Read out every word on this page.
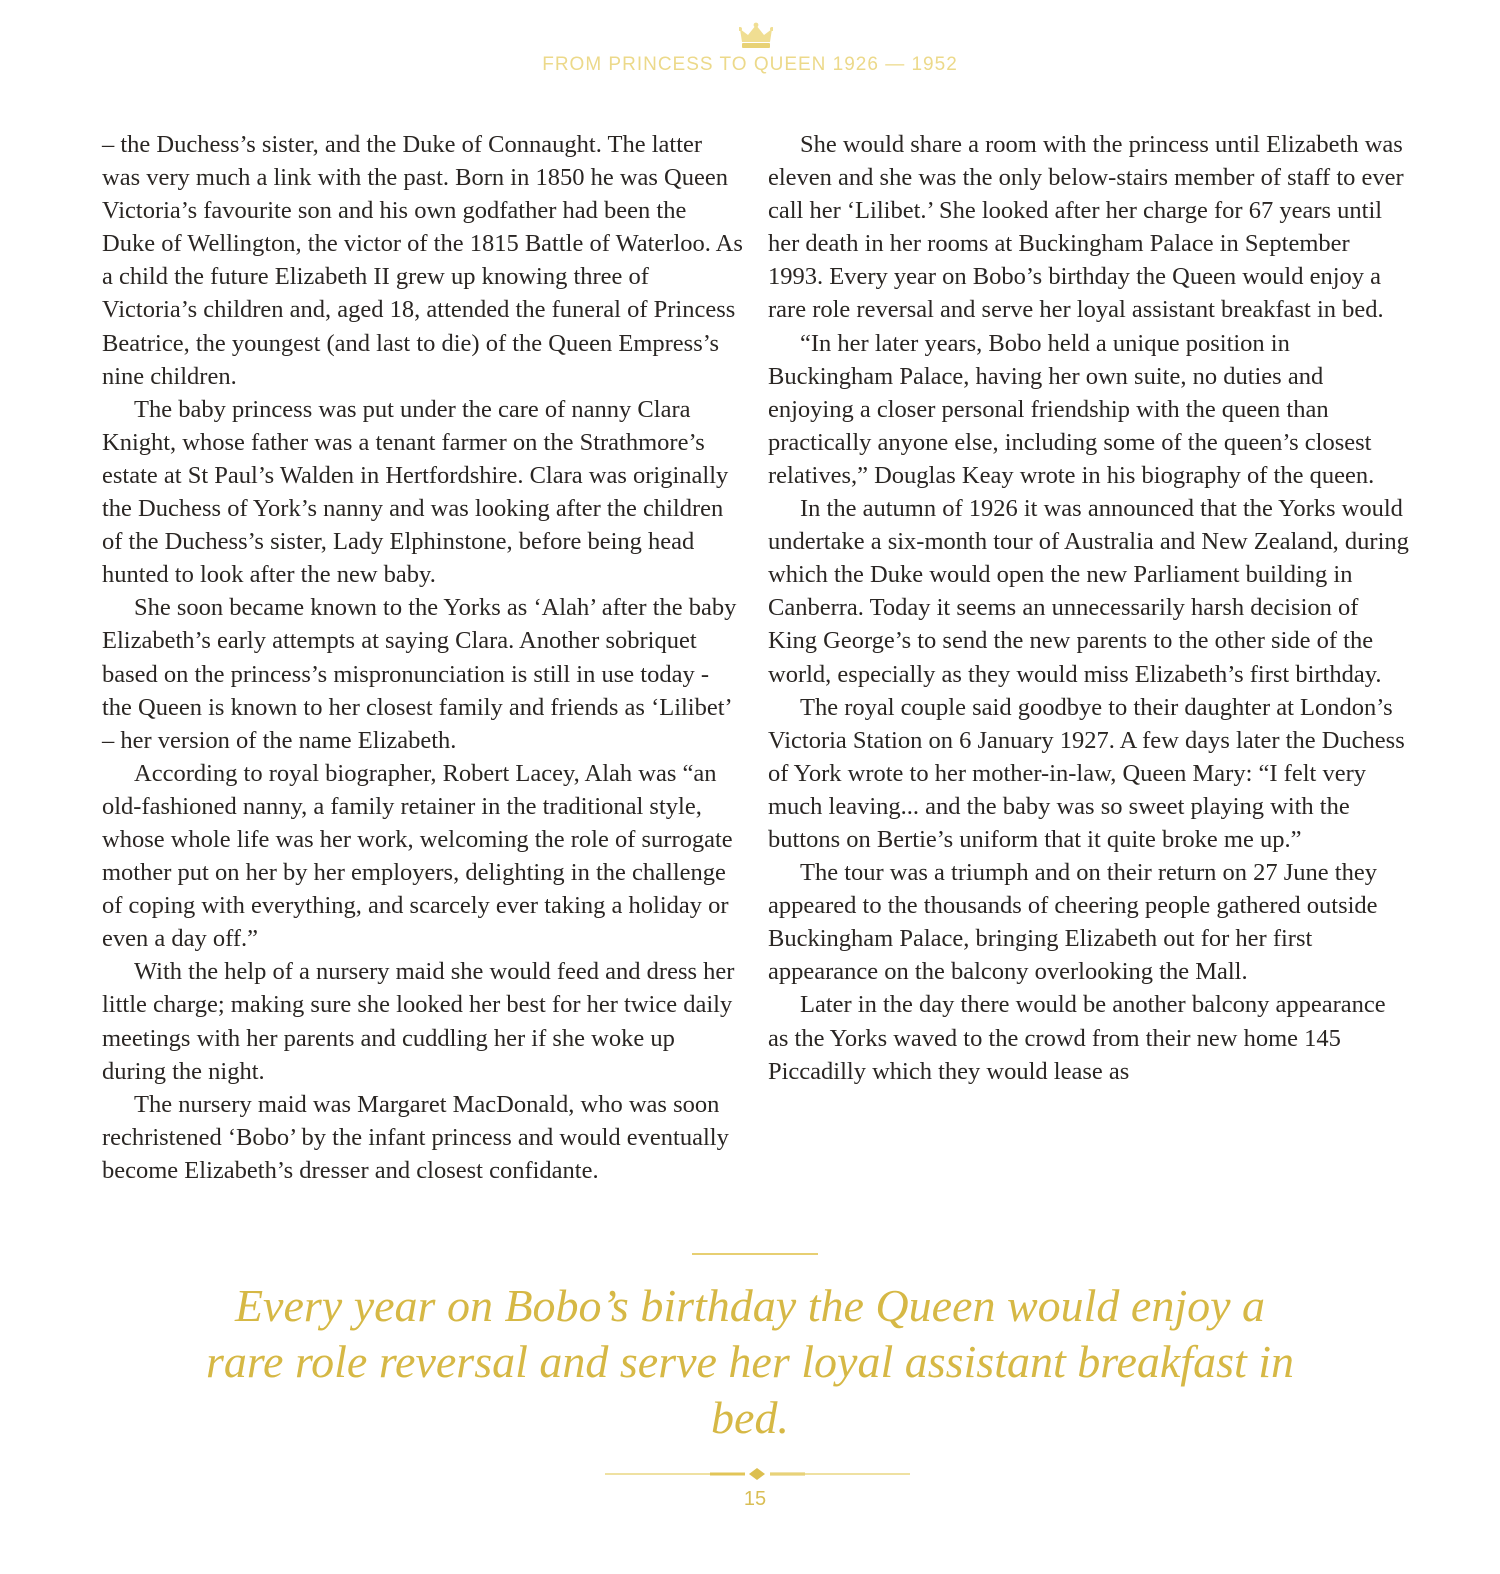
FROM PRINCESS TO QUEEN 1926 — 1952

– the Duchess’s sister, and the Duke of Connaught. The latter was very much a link with the past. Born in 1850 he was Queen Victoria’s favourite son and his own godfather had been the Duke of Wellington, the victor of the 1815 Battle of Waterloo. As a child the future Elizabeth II grew up knowing three of Victoria’s children and, aged 18, attended the funeral of Princess Beatrice, the youngest (and last to die) of the Queen Empress’s nine children.

The baby princess was put under the care of nanny Clara Knight, whose father was a tenant farmer on the Strathmore’s estate at St Paul’s Walden in Hertfordshire. Clara was originally the Duchess of York’s nanny and was looking after the children of the Duchess’s sister, Lady Elphinstone, before being head hunted to look after the new baby.

She soon became known to the Yorks as ‘Alah’ after the baby Elizabeth’s early attempts at saying Clara. Another sobriquet based on the princess’s mispronunciation is still in use today - the Queen is known to her closest family and friends as ‘Lilibet’ – her version of the name Elizabeth.

According to royal biographer, Robert Lacey, Alah was “an old-fashioned nanny, a family retainer in the traditional style, whose whole life was her work, welcoming the role of surrogate mother put on her by her employers, delighting in the challenge of coping with everything, and scarcely ever taking a holiday or even a day off.”

With the help of a nursery maid she would feed and dress her little charge; making sure she looked her best for her twice daily meetings with her parents and cuddling her if she woke up during the night.

The nursery maid was Margaret MacDonald, who was soon rechristened ‘Bobo’ by the infant princess and would eventually become Elizabeth’s dresser and closest confidante.

She would share a room with the princess until Elizabeth was eleven and she was the only below-stairs member of staff to ever call her ‘Lilibet.’ She looked after her charge for 67 years until her death in her rooms at Buckingham Palace in September 1993. Every year on Bobo’s birthday the Queen would enjoy a rare role reversal and serve her loyal assistant breakfast in bed.

“In her later years, Bobo held a unique position in Buckingham Palace, having her own suite, no duties and enjoying a closer personal friendship with the queen than practically anyone else, including some of the queen’s closest relatives,” Douglas Keay wrote in his biography of the queen.

In the autumn of 1926 it was announced that the Yorks would undertake a six-month tour of Australia and New Zealand, during which the Duke would open the new Parliament building in Canberra. Today it seems an unnecessarily harsh decision of King George’s to send the new parents to the other side of the world, especially as they would miss Elizabeth’s first birthday.

The royal couple said goodbye to their daughter at London’s Victoria Station on 6 January 1927. A few days later the Duchess of York wrote to her mother-in-law, Queen Mary: “I felt very much leaving... and the baby was so sweet playing with the buttons on Bertie’s uniform that it quite broke me up.”

The tour was a triumph and on their return on 27 June they appeared to the thousands of cheering people gathered outside Buckingham Palace, bringing Elizabeth out for her first appearance on the balcony overlooking the Mall.

Later in the day there would be another balcony appearance as the Yorks waved to the crowd from their new home 145 Piccadilly which they would lease as

Every year on Bobo’s birthday the Queen would enjoy a rare role reversal and serve her loyal assistant breakfast in bed.

15
